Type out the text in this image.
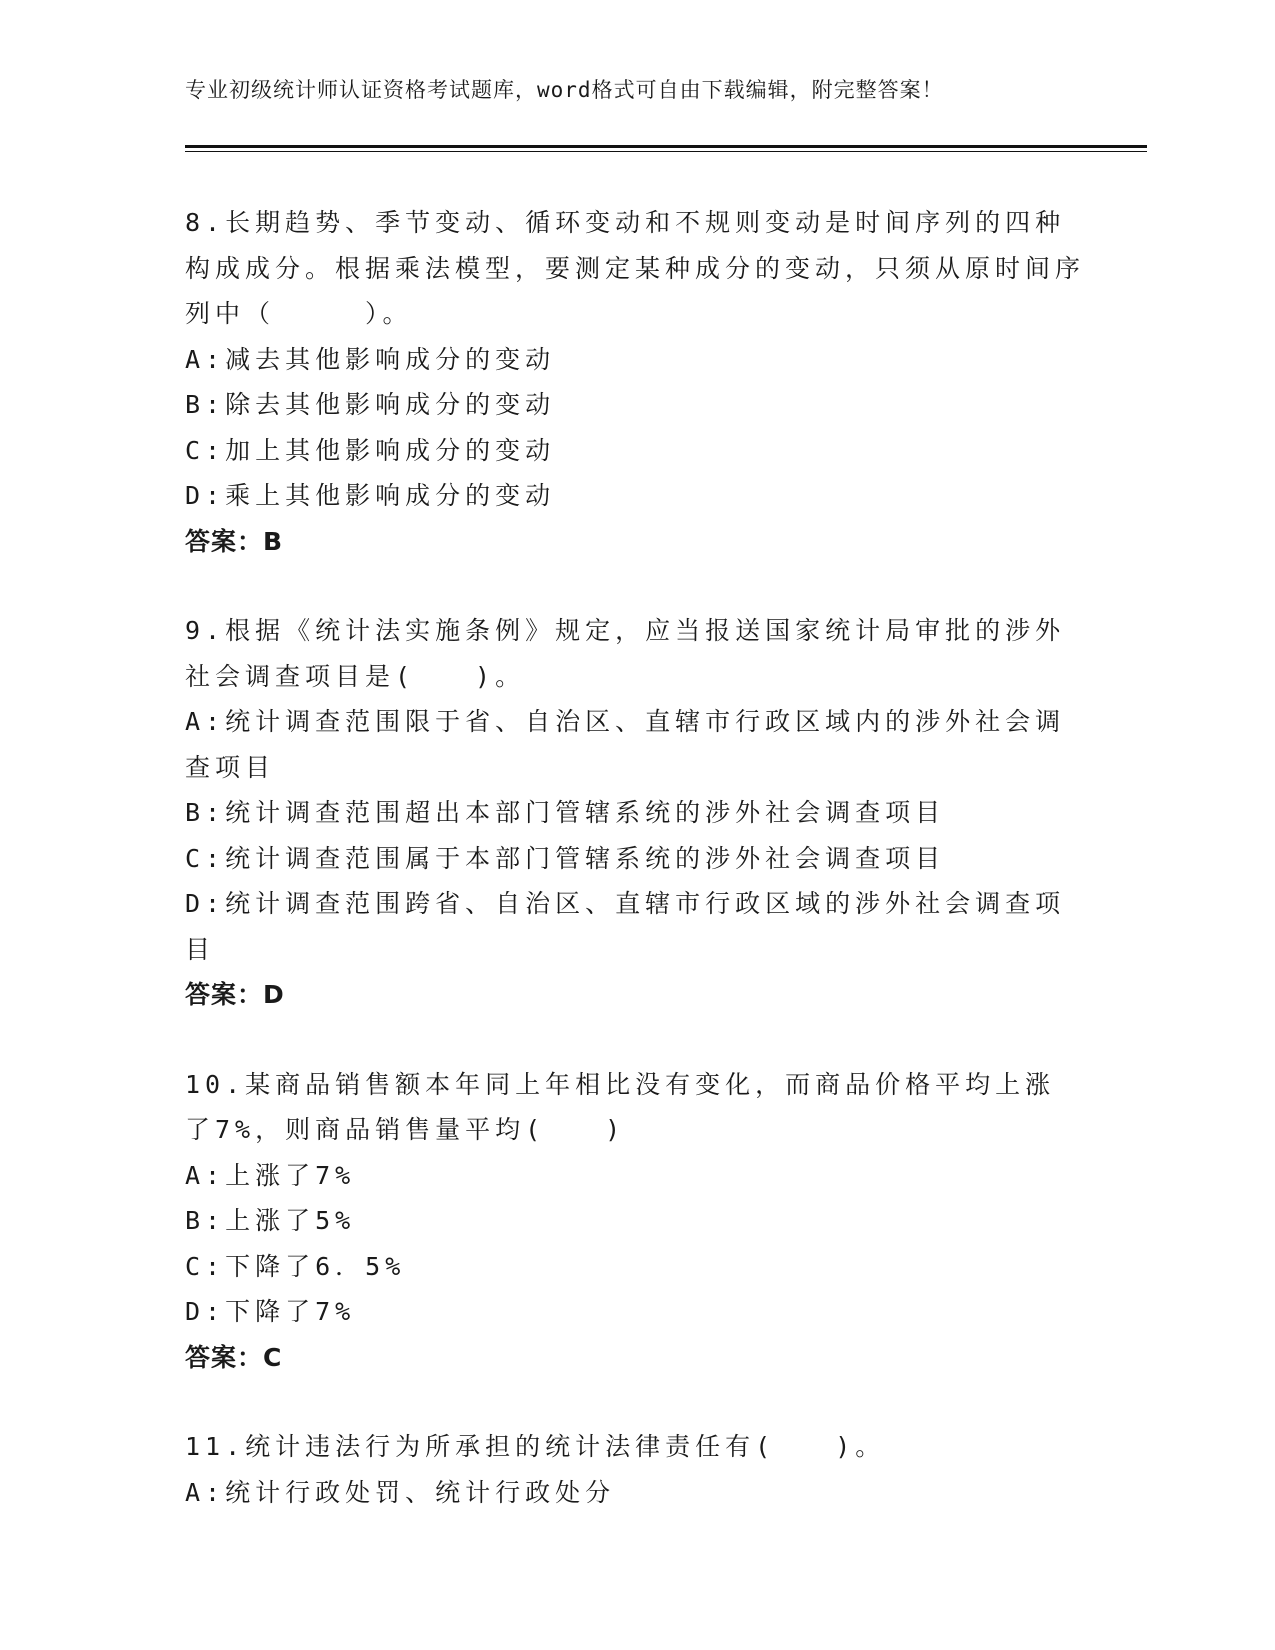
专业初级统计师认证资格考试题库，word格式可自由下载编辑，附完整答案！

8.长期趋势、季节变动、循环变动和不规则变动是时间序列的四种构成成分。根据乘法模型，要测定某种成分的变动，只须从原时间序列中（　　　）。

A:减去其他影响成分的变动

B:除去其他影响成分的变动

C:加上其他影响成分的变动

D:乘上其他影响成分的变动

答案：B

9.根据《统计法实施条例》规定，应当报送国家统计局审批的涉外社会调查项目是(　　)。

A:统计调查范围限于省、自治区、直辖市行政区域内的涉外社会调查项目

B:统计调查范围超出本部门管辖系统的涉外社会调查项目

C:统计调查范围属于本部门管辖系统的涉外社会调查项目

D:统计调查范围跨省、自治区、直辖市行政区域的涉外社会调查项目

答案：D

10.某商品销售额本年同上年相比没有变化，而商品价格平均上涨了7%，则商品销售量平均(　　)

A:上涨了7%

B:上涨了5%

C:下降了6．5%

D:下降了7%

答案：C

11.统计违法行为所承担的统计法律责任有(　　)。

A:统计行政处罚、统计行政处分
